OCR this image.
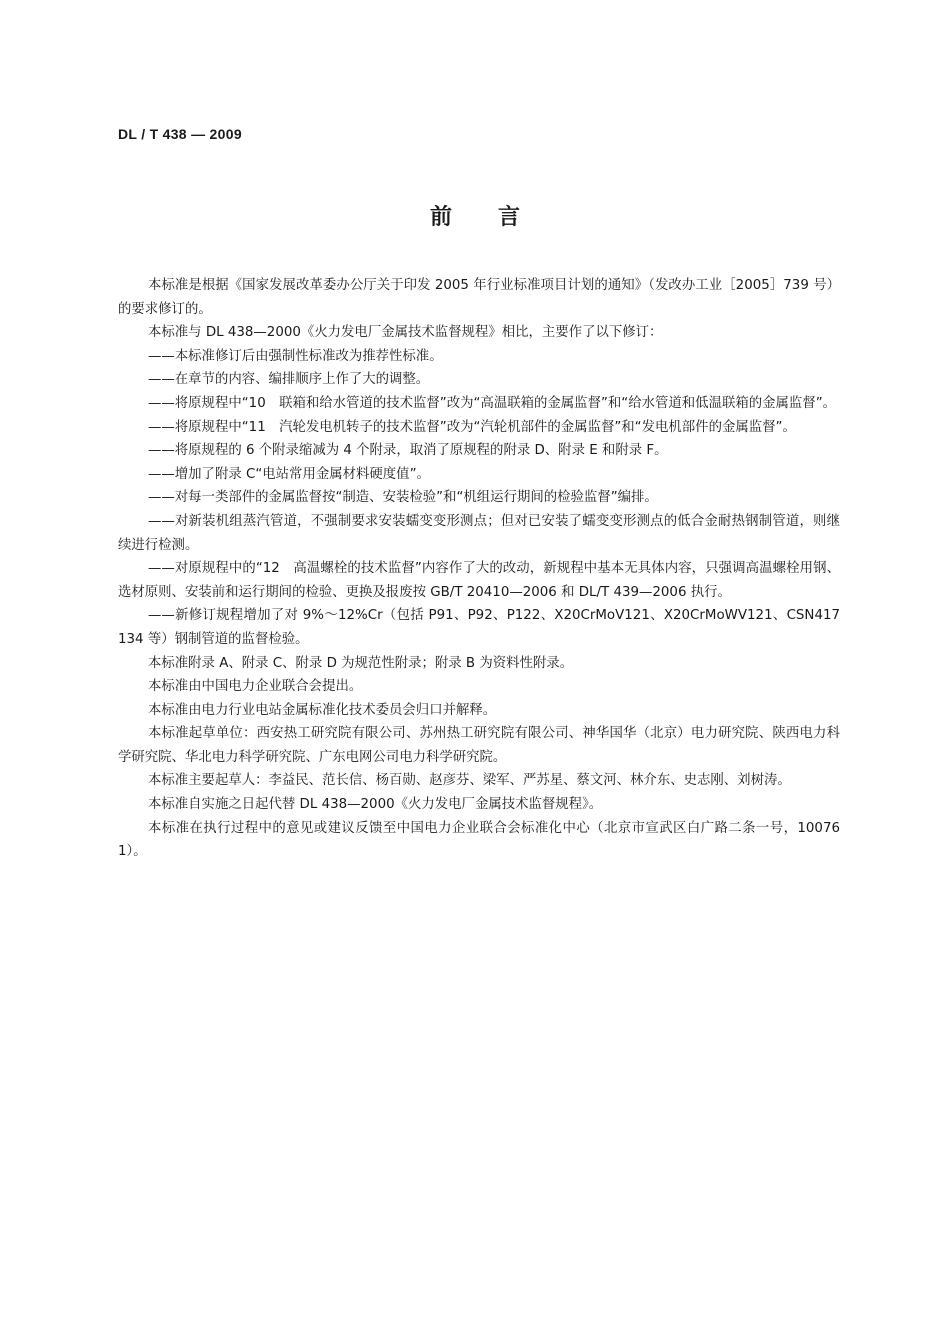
DL / T 438 — 2009
前言

本标准是根据《国家发展改革委办公厅关于印发 2005 年行业标准项目计划的通知》（发改办工业［2005］739 号）的要求修订的。

本标准与 DL 438—2000《火力发电厂金属技术监督规程》相比，主要作了以下修订：

——本标准修订后由强制性标准改为推荐性标准。

——在章节的内容、编排顺序上作了大的调整。

——将原规程中“10　联箱和给水管道的技术监督”改为“高温联箱的金属监督”和“给水管道和低温联箱的金属监督”。

——将原规程中“11　汽轮发电机转子的技术监督”改为“汽轮机部件的金属监督”和“发电机部件的金属监督”。

——将原规程的 6 个附录缩减为 4 个附录，取消了原规程的附录 D、附录 E 和附录 F。

——增加了附录 C“电站常用金属材料硬度值”。

——对每一类部件的金属监督按“制造、安装检验”和“机组运行期间的检验监督”编排。

——对新装机组蒸汽管道，不强制要求安装蠕变变形测点；但对已安装了蠕变变形测点的低合金耐热钢制管道，则继续进行检测。

——对原规程中的“12　高温螺栓的技术监督”内容作了大的改动，新规程中基本无具体内容，只强调高温螺栓用钢、选材原则、安装前和运行期间的检验、更换及报废按 GB/T 20410—2006 和 DL/T 439—2006 执行。

——新修订规程增加了对 9%～12%Cr（包括 P91、P92、P122、X20CrMoV121、X20CrMoWV121、CSN417134 等）钢制管道的监督检验。

本标准附录 A、附录 C、附录 D 为规范性附录；附录 B 为资料性附录。

本标准由中国电力企业联合会提出。

本标准由电力行业电站金属标准化技术委员会归口并解释。

本标准起草单位：西安热工研究院有限公司、苏州热工研究院有限公司、神华国华（北京）电力研究院、陕西电力科学研究院、华北电力科学研究院、广东电网公司电力科学研究院。

本标准主要起草人：李益民、范长信、杨百勋、赵彦芬、梁军、严苏星、蔡文河、林介东、史志刚、刘树涛。

本标准自实施之日起代替 DL 438—2000《火力发电厂金属技术监督规程》。

本标准在执行过程中的意见或建议反馈至中国电力企业联合会标准化中心（北京市宣武区白广路二条一号，100761）。
